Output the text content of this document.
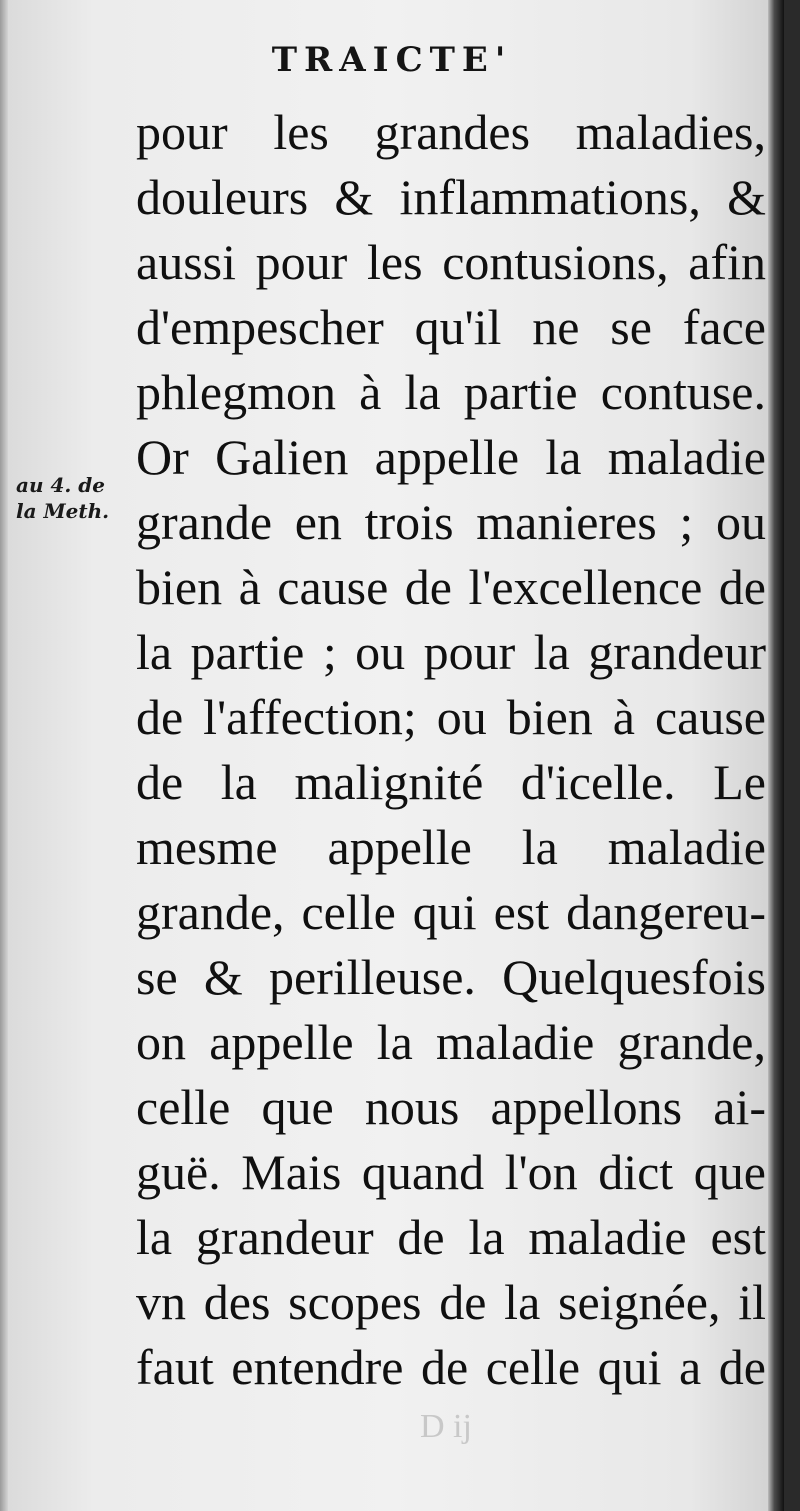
TRAICTE'
au 4. de
la Meth.
pour les grandes maladies,
douleurs & inflammations, &
aussi pour les contusions, afin
d'empescher qu'il ne se face
phlegmon à la partie contuse.
Or Galien appelle la maladie
grande en trois manieres ; ou
bien à cause de l'excellence de
la partie ; ou pour la grandeur
de l'affection; ou bien à cause
de la malignité d'icelle. Le
mesme appelle la maladie
grande, celle qui est dangereu-
se & perilleuse. Quelquesfois
on appelle la maladie grande,
celle que nous appellons ai-
guë. Mais quand l'on dict que
la grandeur de la maladie est
vn des scopes de la seignée, il
faut entendre de celle qui a de
D ij
